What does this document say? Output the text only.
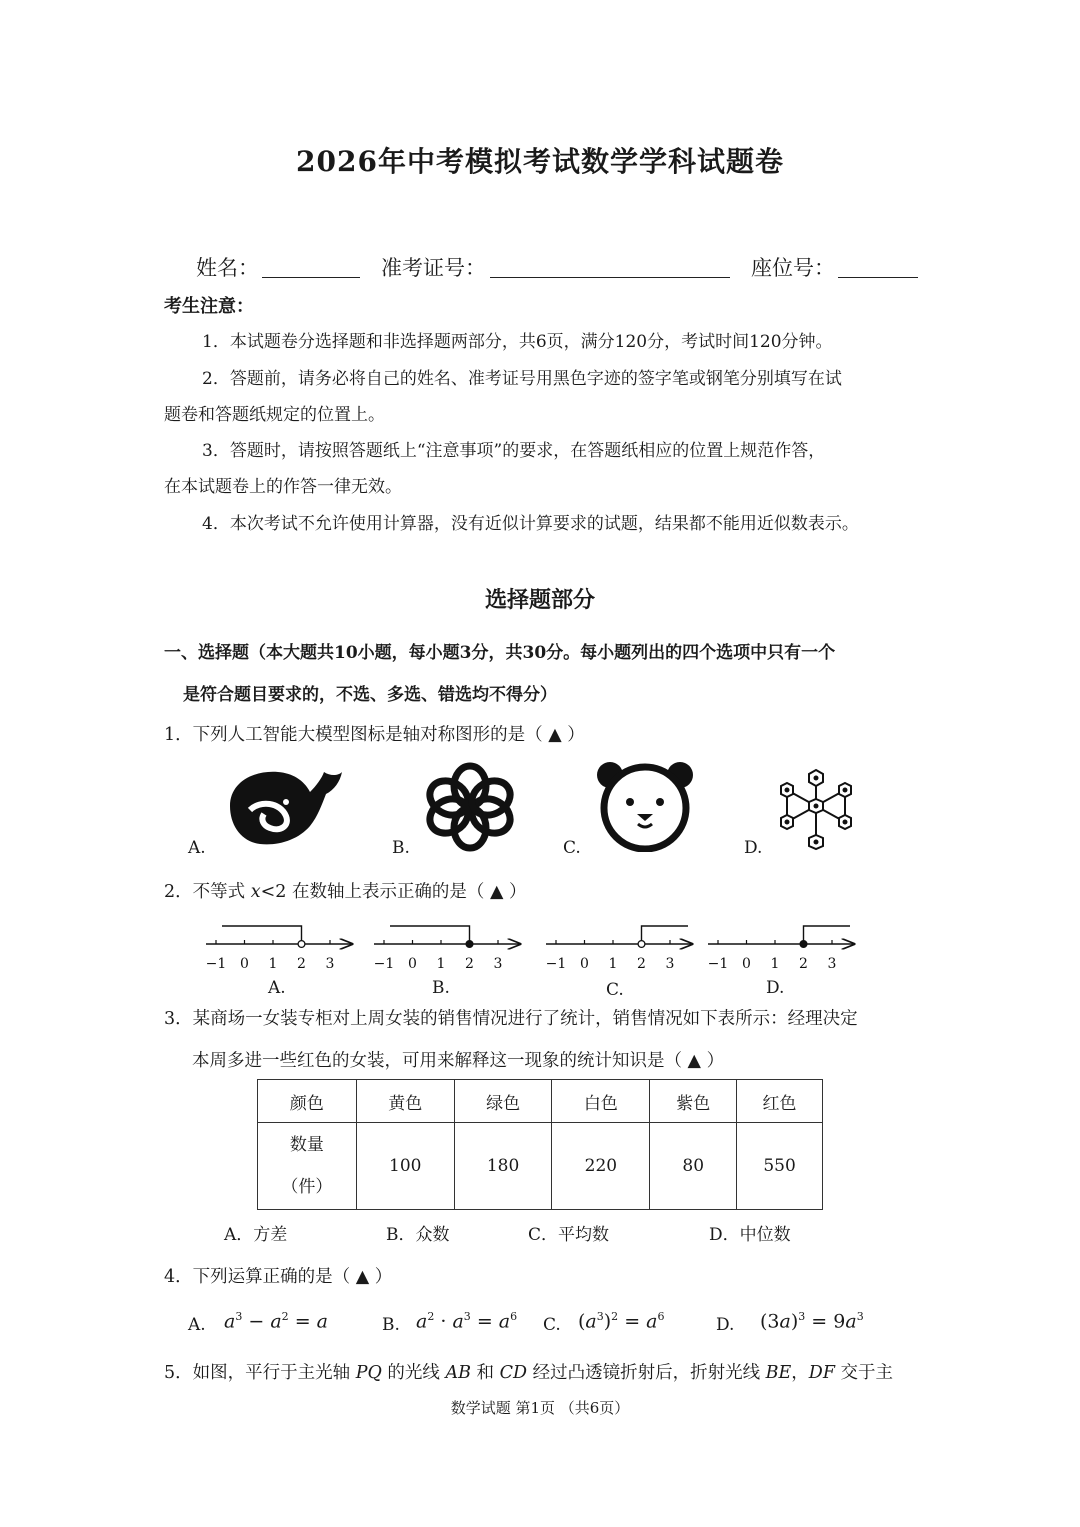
2026年中考模拟考试数学学科试题卷
姓名：	准考证号：	座位号：
考生注意：
1．本试题卷分选择题和非选择题两部分，共6页，满分120分，考试时间120分钟。
2．答题前，请务必将自己的姓名、准考证号用黑色字迹的签字笔或钢笔分别填写在试
题卷和答题纸规定的位置上。
3．答题时，请按照答题纸上“注意事项”的要求，在答题纸相应的位置上规范作答，
在本试题卷上的作答一律无效。
4．本次考试不允许使用计算器，没有近似计算要求的试题，结果都不能用近似数表示。
选择题部分
一、选择题（本大题共10小题，每小题3分，共30分。每小题列出的四个选项中只有一个
是符合题目要求的，不选、多选、错选均不得分）
1．下列人工智能大模型图标是轴对称图形的是（ ▲ ）
A.	B.	C.	D.
2．不等式 x<2 在数轴上表示正确的是（ ▲ ）
−1 0 1 2 3	−1 0 1 2 3	−1 0 1 2 3 −1 0 1 2 3
A.	B.	C.	D.
3．某商场一女装专柜对上周女装的销售情况进行了统计，销售情况如下表所示：经理决定
本周多进一些红色的女装，可用来解释这一现象的统计知识是（ ▲ ）
颜色	黄色	绿色	白色	紫色	红色

数量
（件）	100	180	220	80	550
A．方差	B．众数	C．平均数	D．中位数
4．下列运算正确的是（ ▲ ）
A. $a^3 - a^2 = a$	B. $a^2 \cdot a^3 = a^6$ C. $(a^3)^2 = a^6$	D. $(3a)^3 = 9a^3$
5．如图，平行于主光轴 PQ 的光线 AB 和 CD 经过凸透镜折射后，折射光线 BE，DF 交于主
数学试题 第1页 （共6页）
